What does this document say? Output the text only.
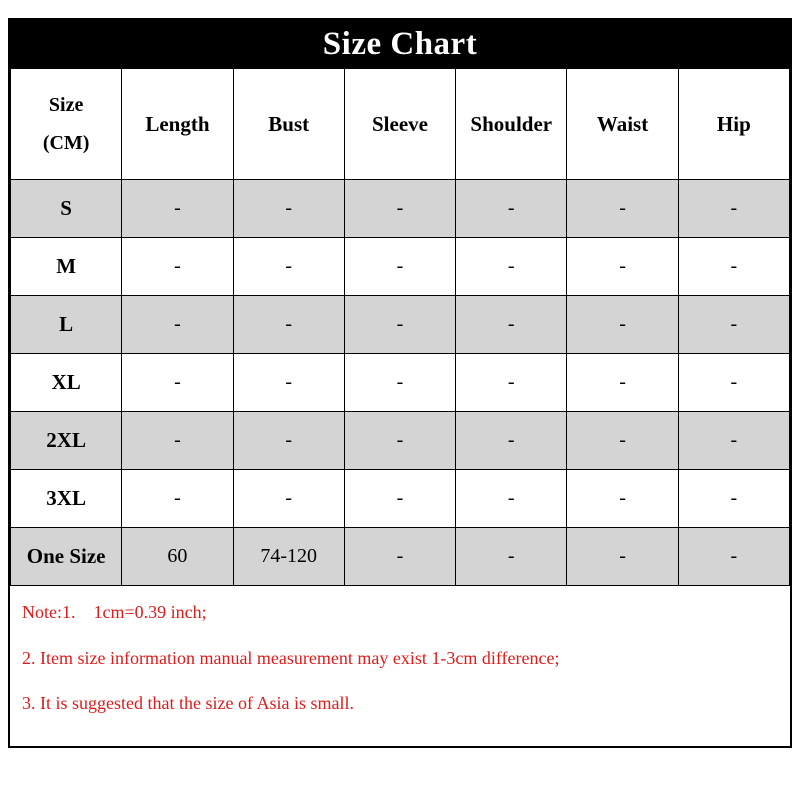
Size Chart
Size
(CM)	Length	Bust	Sleeve	Shoulder	Waist	Hip
S	-	-	-	-	-	-
M	-	-	-	-	-	-
L	-	-	-	-	-	-
XL	-	-	-	-	-	-
2XL	-	-	-	-	-	-
3XL	-	-	-	-	-	-
One Size	60	74-120	-	-	-	-

Note:1.    1cm=0.39 inch;

2. Item size information manual measurement may exist 1-3cm difference;

3. It is suggested that the size of Asia is small.
